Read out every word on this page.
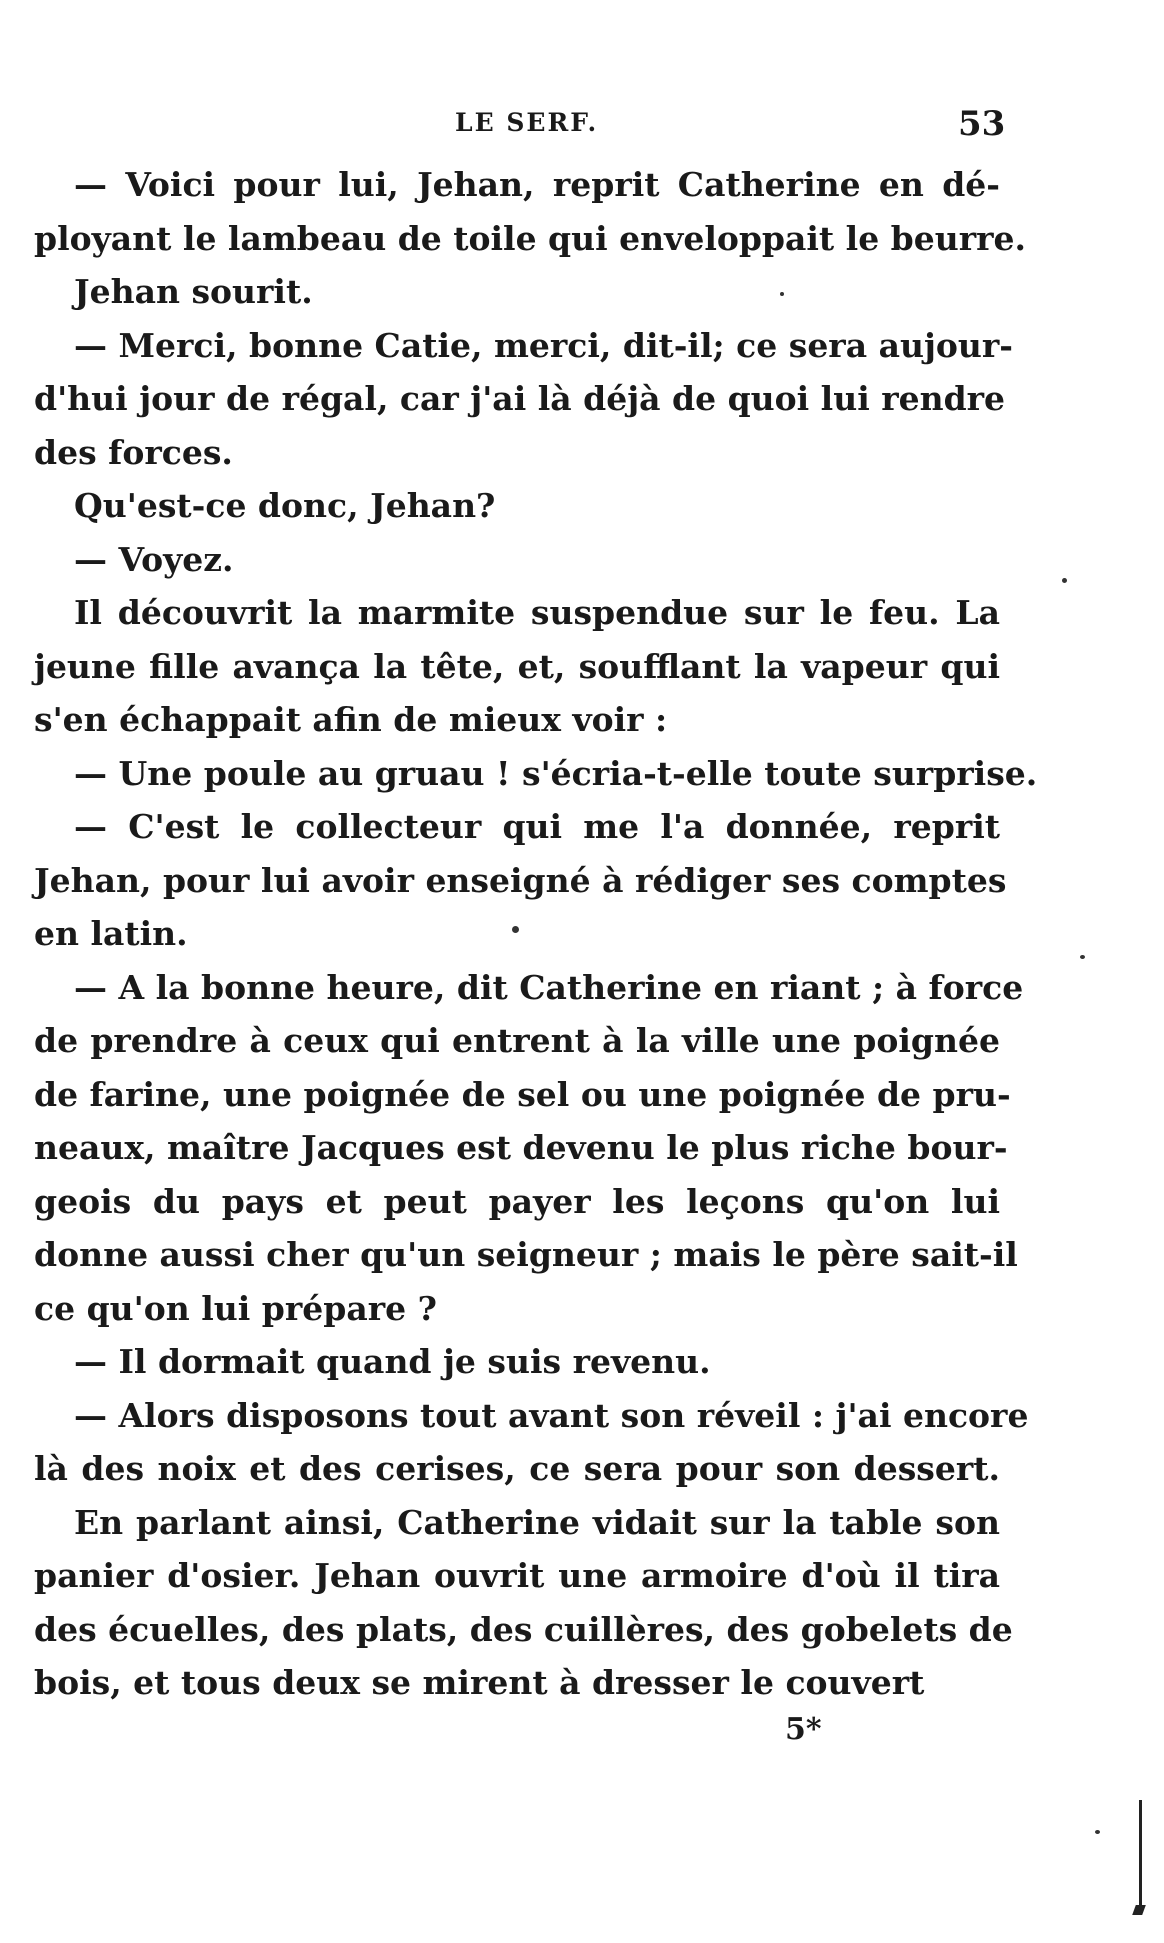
LE SERF.	53
— Voici pour lui, Jehan, reprit Catherine en dé-
ployant le lambeau de toile qui enveloppait le beurre.
Jehan sourit.
— Merci, bonne Catie, merci, dit-il; ce sera aujour-
d'hui jour de régal, car j'ai là déjà de quoi lui rendre
des forces.
Qu'est-ce donc, Jehan?
— Voyez.
Il découvrit la marmite suspendue sur le feu. La
jeune fille avança la tête, et, soufflant la vapeur qui
s'en échappait afin de mieux voir :
— Une poule au gruau ! s'écria-t-elle toute surprise.
— C'est le collecteur qui me l'a donnée, reprit
Jehan, pour lui avoir enseigné à rédiger ses comptes
en latin.
— A la bonne heure, dit Catherine en riant ; à force
de prendre à ceux qui entrent à la ville une poignée
de farine, une poignée de sel ou une poignée de pru-
neaux, maître Jacques est devenu le plus riche bour-
geois du pays et peut payer les leçons qu'on lui
donne aussi cher qu'un seigneur ; mais le père sait-il
ce qu'on lui prépare ?
— Il dormait quand je suis revenu.
— Alors disposons tout avant son réveil : j'ai encore
là des noix et des cerises, ce sera pour son dessert.
En parlant ainsi, Catherine vidait sur la table son
panier d'osier. Jehan ouvrit une armoire d'où il tira
des écuelles, des plats, des cuillères, des gobelets de
bois, et tous deux se mirent à dresser le couvert
5*
